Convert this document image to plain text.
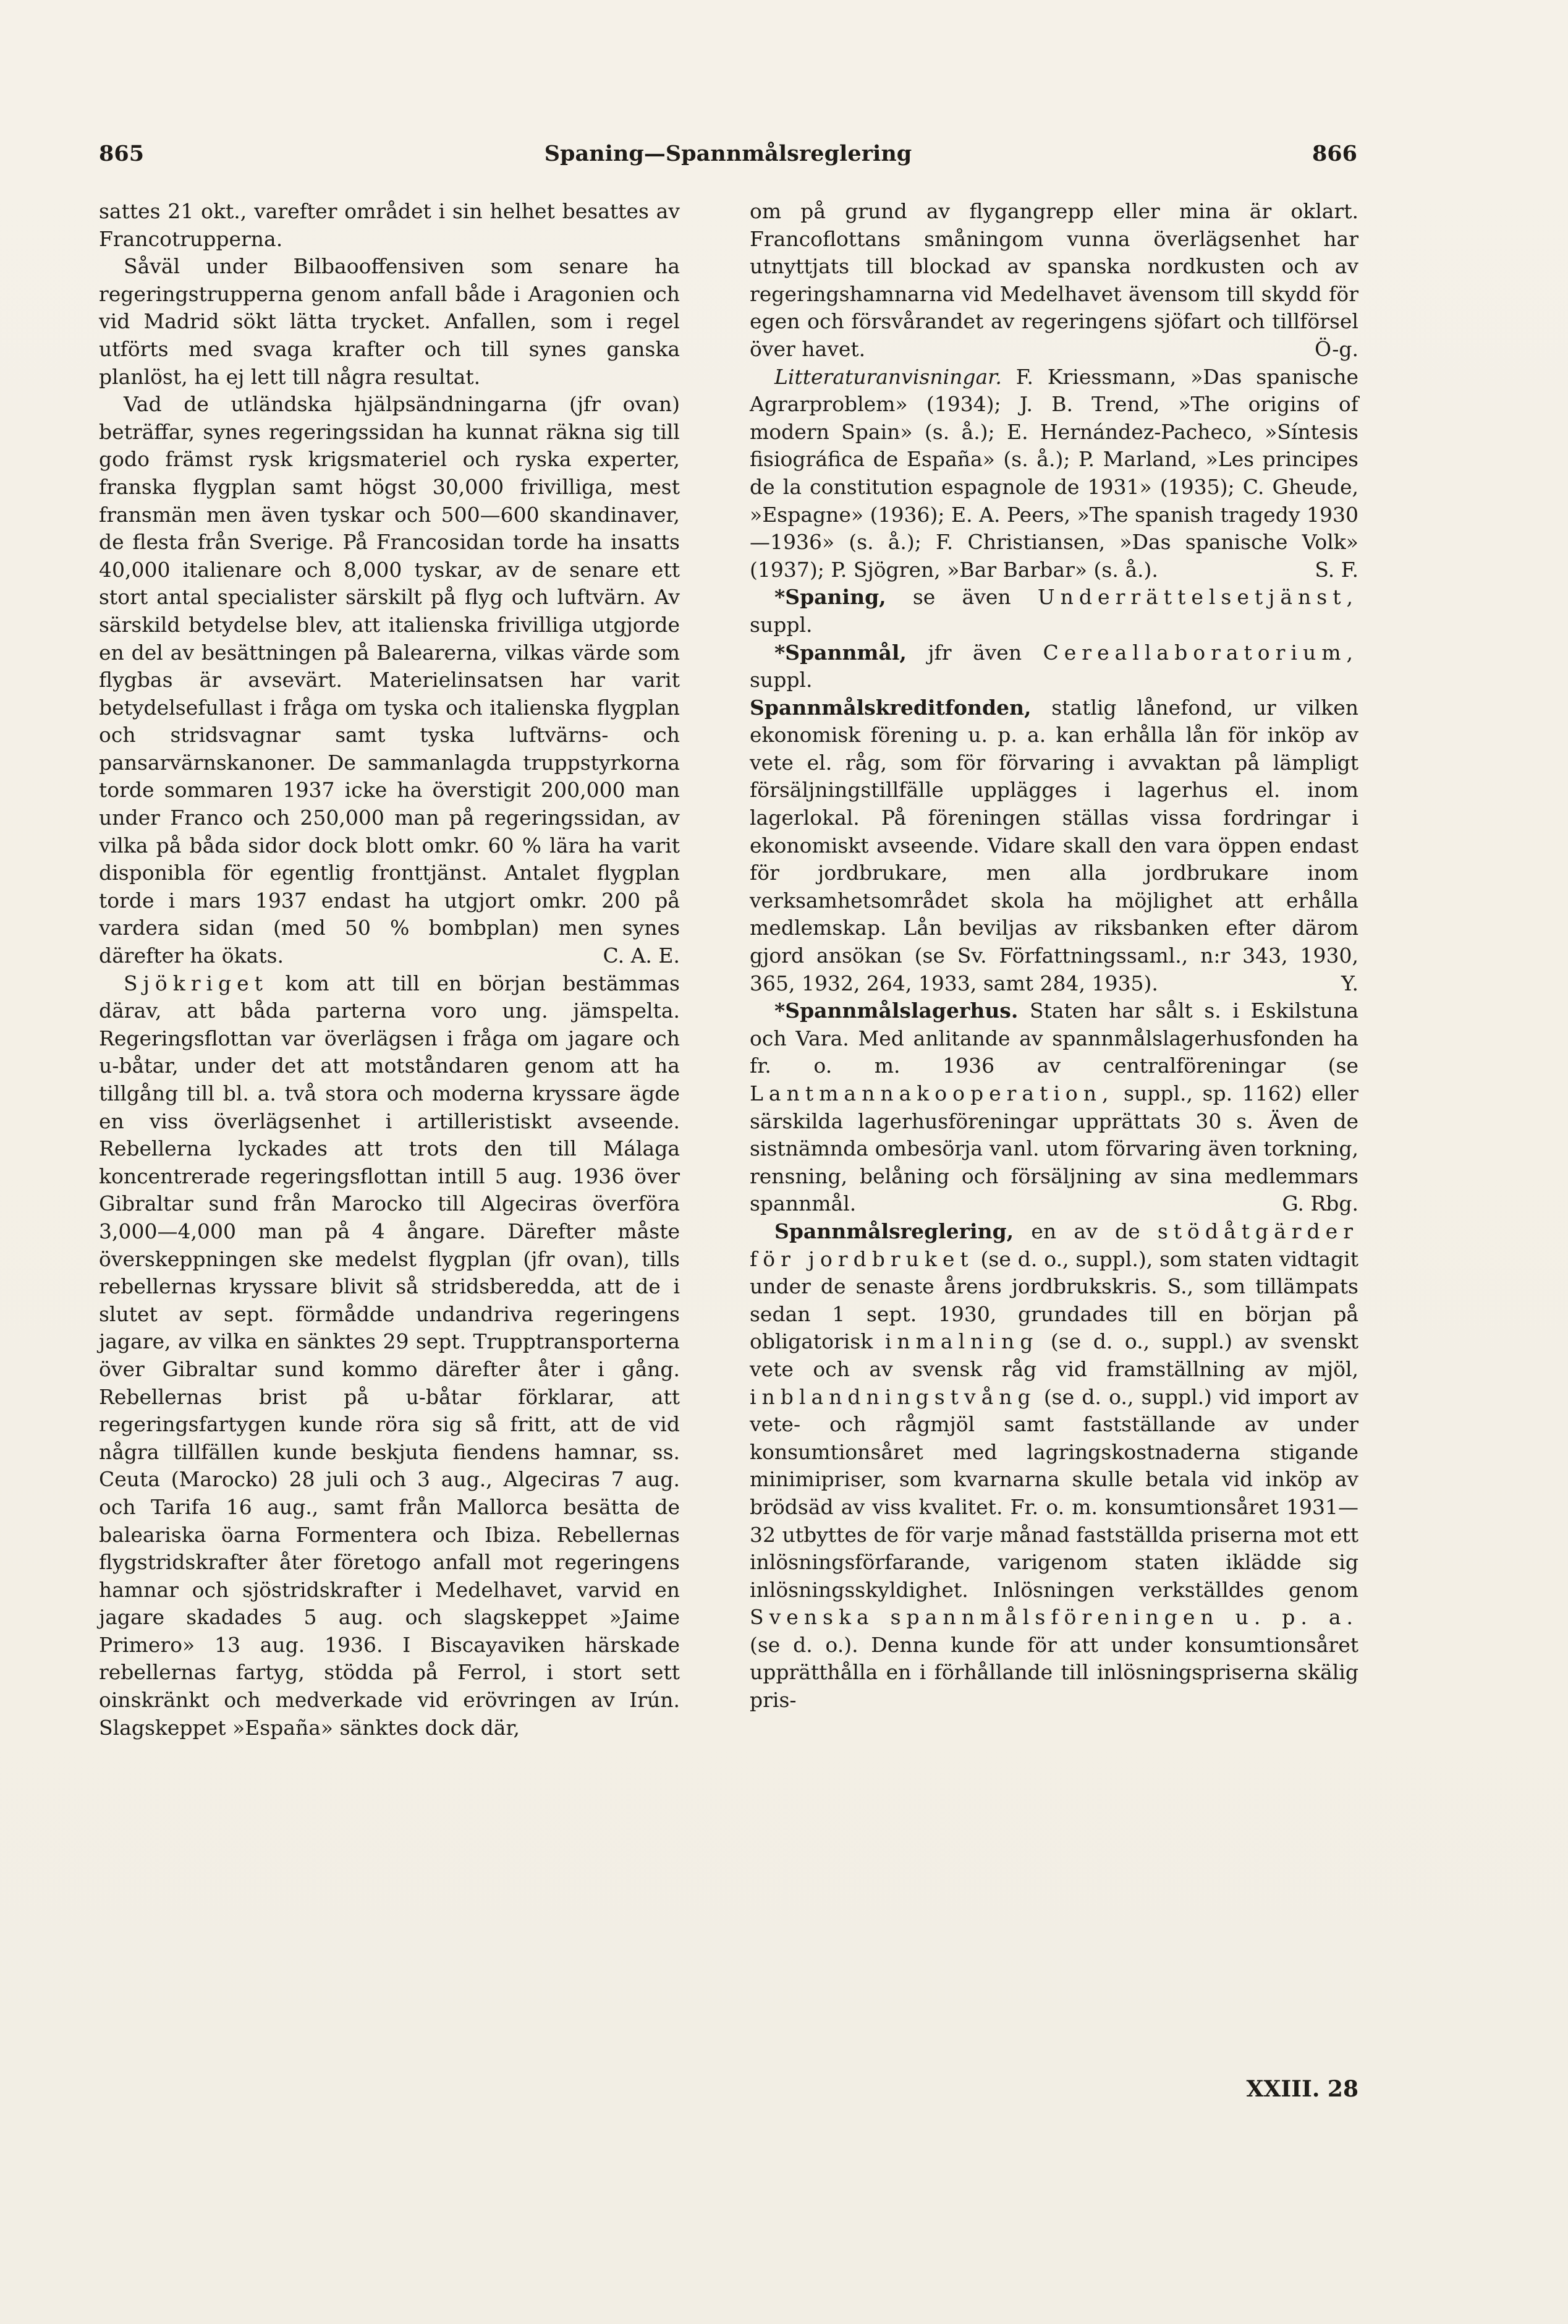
865	Spaning—Spannmålsreglering	866

sattes 21 okt., varefter området i sin helhet besattes av Francotrupperna.

Såväl under Bilbaooffensiven som senare ha regeringstrupperna genom anfall både i Aragonien och vid Madrid sökt lätta trycket. Anfallen, som i regel utförts med svaga krafter och till synes ganska planlöst, ha ej lett till några resultat.

Vad de utländska hjälpsändningarna (jfr ovan) beträffar, synes regeringssidan ha kunnat räkna sig till godo främst rysk krigsmateriel och ryska experter, franska flygplan samt högst 30,000 frivilliga, mest fransmän men även tyskar och 500—600 skandinaver, de flesta från Sverige. På Francosidan torde ha insatts 40,000 italienare och 8,000 tyskar, av de senare ett stort antal specialister särskilt på flyg och luftvärn. Av särskild betydelse blev, att italienska frivilliga utgjorde en del av besättningen på Balearerna, vilkas värde som flygbas är avsevärt. Materielinsatsen har varit betydelsefullast i fråga om tyska och italienska flygplan och stridsvagnar samt tyska luftvärns- och pansarvärnskanoner. De sammanlagda truppstyrkorna torde sommaren 1937 icke ha överstigit 200,000 man under Franco och 250,000 man på regeringssidan, av vilka på båda sidor dock blott omkr. 60 % lära ha varit disponibla för egentlig fronttjänst. Antalet flygplan torde i mars 1937 endast ha utgjort omkr. 200 på vardera sidan (med 50 % bombplan) men synes därefter ha ökats.	C. A. E.

Sjökriget kom att till en början bestämmas därav, att båda parterna voro ung. jämspelta. Regeringsflottan var överlägsen i fråga om jagare och u-båtar, under det att motståndaren genom att ha tillgång till bl. a. två stora och moderna kryssare ägde en viss överlägsenhet i artilleristiskt avseende. Rebellerna lyckades att trots den till Málaga koncentrerade regeringsflottan intill 5 aug. 1936 över Gibraltar sund från Marocko till Algeciras överföra 3,000—4,000 man på 4 ångare. Därefter måste överskeppningen ske medelst flygplan (jfr ovan), tills rebellernas kryssare blivit så stridsberedda, att de i slutet av sept. förmådde undandriva regeringens jagare, av vilka en sänktes 29 sept. Trupptransporterna över Gibraltar sund kommo därefter åter i gång. Rebellernas brist på u-båtar förklarar, att regeringsfartygen kunde röra sig så fritt, att de vid några tillfällen kunde beskjuta fiendens hamnar, ss. Ceuta (Marocko) 28 juli och 3 aug., Algeciras 7 aug. och Tarifa 16 aug., samt från Mallorca besätta de baleariska öarna Formentera och Ibiza. Rebellernas flygstridskrafter åter företogo anfall mot regeringens hamnar och sjöstridskrafter i Medelhavet, varvid en jagare skadades 5 aug. och slagskeppet »Jaime Primero» 13 aug. 1936. I Biscayaviken härskade rebellernas fartyg, stödda på Ferrol, i stort sett oinskränkt och medverkade vid erövringen av Irún. Slagskeppet »España» sänktes dock där,

om på grund av flygangrepp eller mina är oklart. Francoflottans småningom vunna överlägsenhet har utnyttjats till blockad av spanska nordkusten och av regeringshamnarna vid Medelhavet ävensom till skydd för egen och försvårandet av regeringens sjöfart och tillförsel över havet.	Ö-g.

Litteraturanvisningar. F. Kriessmann, »Das spanische Agrarproblem» (1934); J. B. Trend, »The origins of modern Spain» (s. å.); E. Hernández-Pacheco, »Síntesis fisiográfica de España» (s. å.); P. Marland, »Les principes de la constitution espagnole de 1931» (1935); C. Gheude, »Espagne» (1936); E. A. Peers, »The spanish tragedy 1930—1936» (s. å.); F. Christiansen, »Das spanische Volk» (1937); P. Sjögren, »Bar Barbar» (s. å.).	S. F.

*Spaning, se även Underrättelsetjänst, suppl.

*Spannmål, jfr även Cereallaboratorium, suppl.

Spannmålskreditfonden, statlig lånefond, ur vilken ekonomisk förening u. p. a. kan erhålla lån för inköp av vete el. råg, som för förvaring i avvaktan på lämpligt försäljningstillfälle upplägges i lagerhus el. inom lagerlokal. På föreningen ställas vissa fordringar i ekonomiskt avseende. Vidare skall den vara öppen endast för jordbrukare, men alla jordbrukare inom verksamhetsområdet skola ha möjlighet att erhålla medlemskap. Lån beviljas av riksbanken efter därom gjord ansökan (se Sv. Författningssaml., n:r 343, 1930, 365, 1932, 264, 1933, samt 284, 1935).	Y.

*Spannmålslagerhus. Staten har sålt s. i Eskilstuna och Vara. Med anlitande av spannmålslagerhusfonden ha fr. o. m. 1936 av centralföreningar (se Lantmannakooperation, suppl., sp. 1162) eller särskilda lagerhusföreningar upprättats 30 s. Även de sistnämnda ombesörja vanl. utom förvaring även torkning, rensning, belåning och försäljning av sina medlemmars spannmål.	G. Rbg.

Spannmålsreglering, en av de stödåtgärder för jordbruket (se d. o., suppl.), som staten vidtagit under de senaste årens jordbrukskris. S., som tillämpats sedan 1 sept. 1930, grundades till en början på obligatorisk inmalning (se d. o., suppl.) av svenskt vete och av svensk råg vid framställning av mjöl, inblandningstvång (se d. o., suppl.) vid import av vete- och rågmjöl samt fastställande av under konsumtionsåret med lagringskostnaderna stigande minimipriser, som kvarnarna skulle betala vid inköp av brödsäd av viss kvalitet. Fr. o. m. konsumtionsåret 1931—32 utbyttes de för varje månad fastställda priserna mot ett inlösningsförfarande, varigenom staten ikläddе sig inlösningsskyldighet. Inlösningen verkställdes genom Svenska spannmålsföreningen u. p. a. (se d. o.). Denna kunde för att under konsumtionsåret upprätthålla en i förhållande till inlösningspriserna skälig pris-

XXIII. 28
